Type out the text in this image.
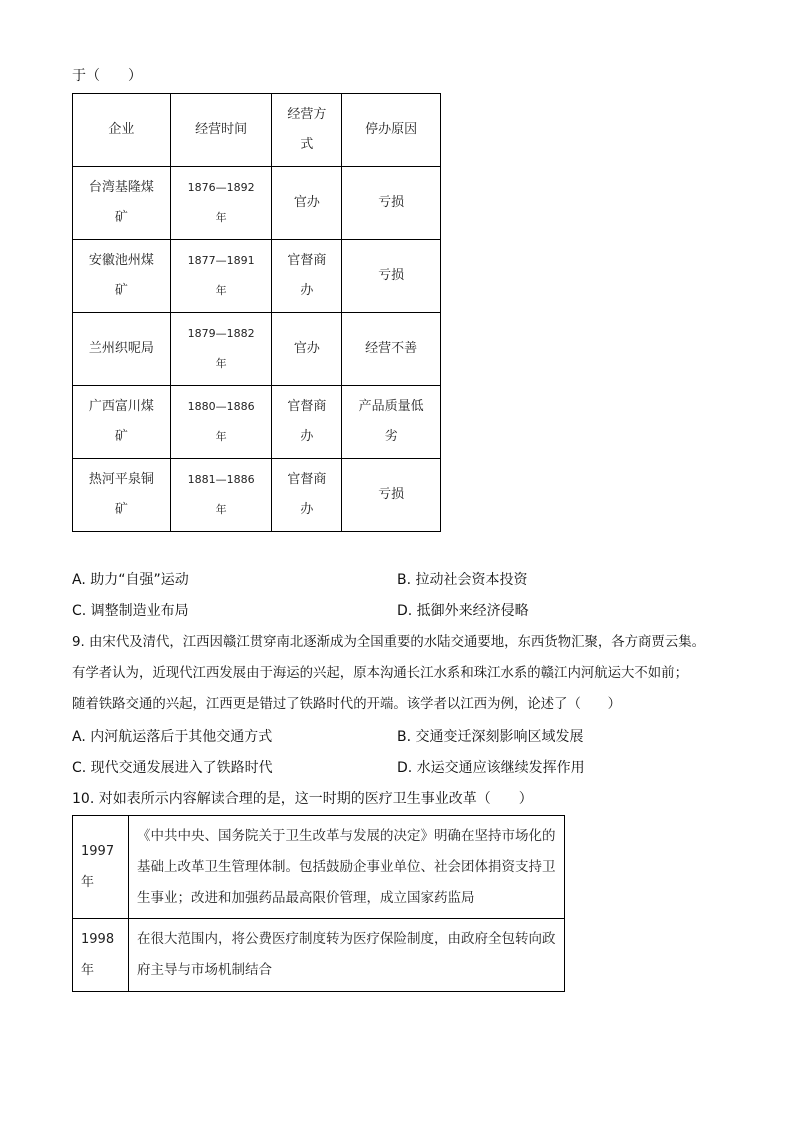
于（　　）
企业	经营时间	经营方式	停办原因

台湾基隆煤矿	1876—1892年	官办	亏损

安徽池州煤矿	1877—1891年	官督商办	亏损
兰州织呢局	1879—1882年	官办	经营不善

广西富川煤矿	1880—1886年	官督商办	产品质量低劣

热河平泉铜矿	1881—1886年	官督商办	亏损
A. 助力“自强”运动	B. 拉动社会资本投资
C. 调整制造业布局	D. 抵御外来经济侵略
9. 由宋代及清代，江西因赣江贯穿南北逐渐成为全国重要的水陆交通要地，东西货物汇聚，各方商贾云集。
有学者认为，近现代江西发展由于海运的兴起，原本沟通长江水系和珠江水系的赣江内河航运大不如前；
随着铁路交通的兴起，江西更是错过了铁路时代的开端。该学者以江西为例，论述了（　　）
A. 内河航运落后于其他交通方式	B. 交通变迁深刻影响区域发展
C. 现代交通发展进入了铁路时代	D. 水运交通应该继续发挥作用
10. 对如表所示内容解读合理的是，这一时期的医疗卫生事业改革（　　）
1997年	《中共中央、国务院关于卫生改革与发展的决定》明确在坚持市场化的基础上改革卫生管理体制。包括鼓励企事业单位、社会团体捐资支持卫生事业；改进和加强药品最高限价管理，成立国家药监局

1998年	在很大范围内，将公费医疗制度转为医疗保险制度，由政府全包转向政府主导与市场机制结合
